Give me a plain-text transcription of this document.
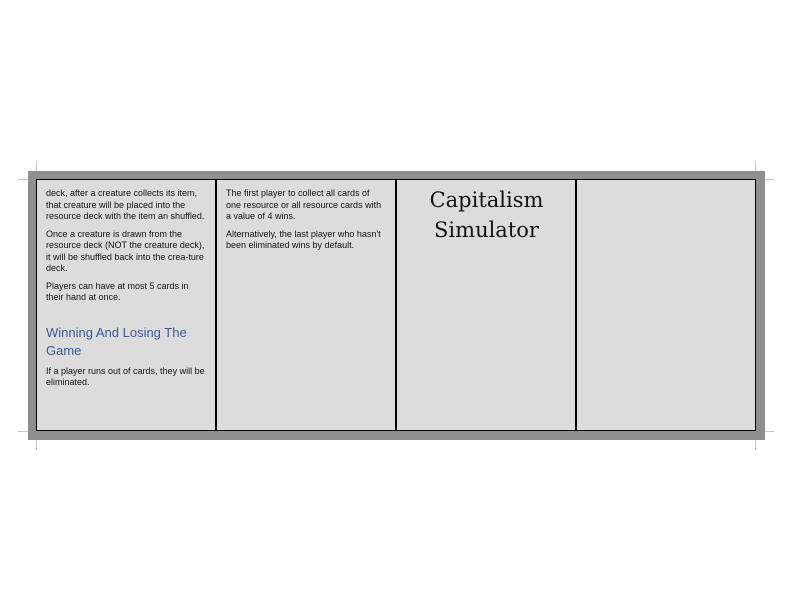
deck, after a creature collects its item, that creature will be placed into the resource deck with the item an shuffled.

Once a creature is drawn from the resource deck (NOT the creature deck), it will be shuffled back into the crea-ture deck.

Players can have at most 5 cards in their hand at once.

Winning And Losing The Game

If a player runs out of cards, they will be eliminated.

The first player to collect all cards of one resource or all resource cards with a value of 4 wins.

Alternatively, the last player who hasn't been eliminated wins by default.

Capitalism
Simulator
